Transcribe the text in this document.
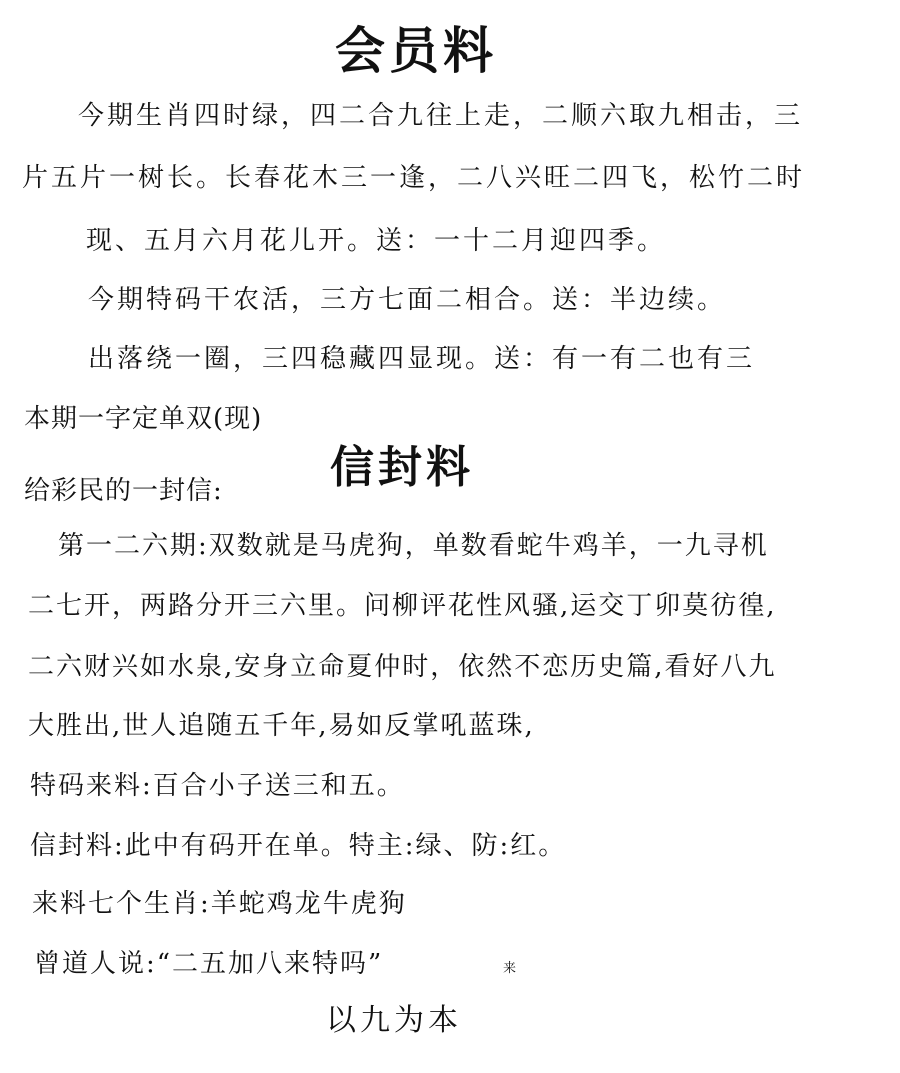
会员料
今期生肖四时绿，四二合九往上走，二顺六取九相击，三
片五片一树长。长春花木三一逢，二八兴旺二四飞，松竹二时
现、五月六月花儿开。送：一十二月迎四季。
今期特码干农活，三方七面二相合。送：半边续。
出落绕一圈，三四稳藏四显现。送：有一有二也有三
本期一字定单双(现)
给彩民的一封信: 信封料
第一二六期:双数就是马虎狗，单数看蛇牛鸡羊，一九寻机
二七开，两路分开三六里。问柳评花性风骚,运交丁卯莫彷徨,
二六财兴如水泉,安身立命夏仲时，依然不恋历史篇,看好八九
大胜出,世人追随五千年,易如反掌吼蓝珠,
特码来料:百合小子送三和五。
信封料:此中有码开在单。特主:绿、防:红。
来料七个生肖:羊蛇鸡龙牛虎狗
曾道人说:“二五加八来特吗”	来
以九为本
